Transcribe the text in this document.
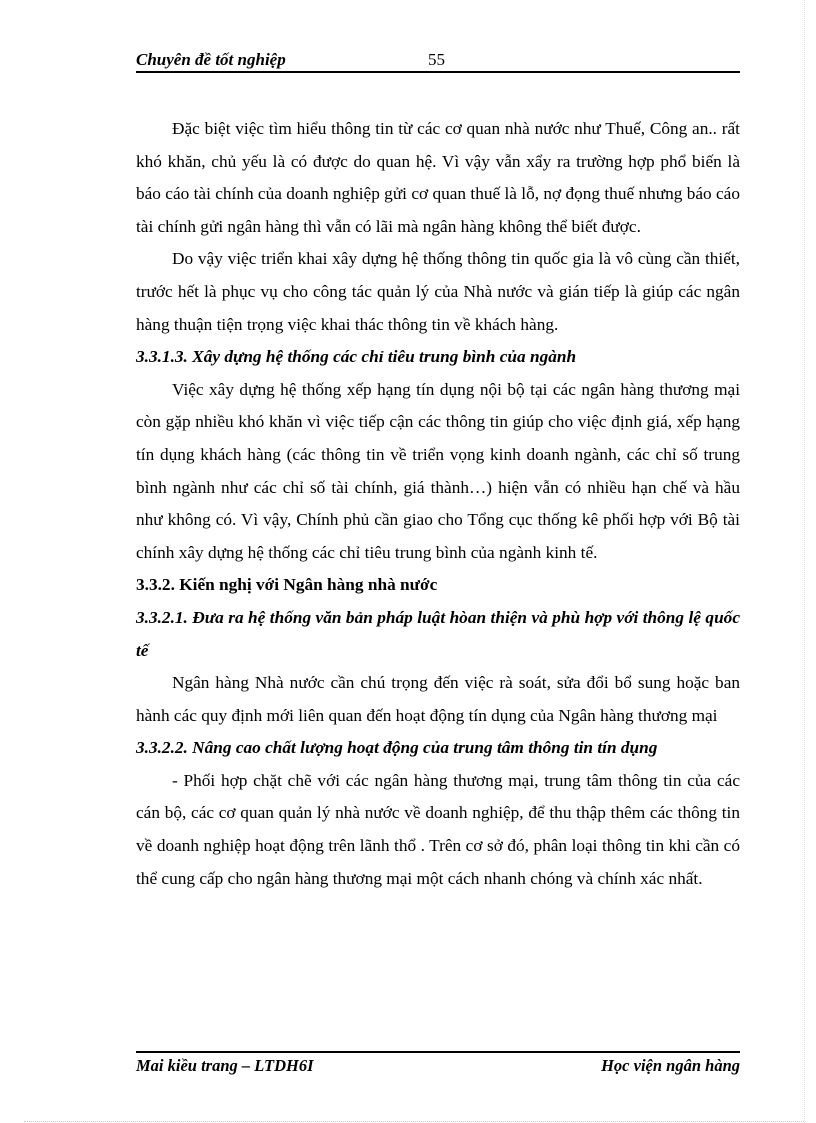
Chuyên đề tốt nghiệp	55

Đặc biệt việc tìm hiểu thông tin từ các cơ quan nhà nước như Thuế, Công an.. rất khó khăn, chủ yếu là có được do quan hệ. Vì vậy vẫn xẩy ra trường hợp phổ biến là báo cáo tài chính của doanh nghiệp gửi cơ quan thuế là lỗ, nợ đọng thuế nhưng báo cáo tài chính gửi ngân hàng thì vẫn có lãi mà ngân hàng không thể biết được.

Do vậy việc triển khai xây dựng hệ thống thông tin quốc gia là vô cùng cần thiết, trước hết là phục vụ cho công tác quản lý của Nhà nước và gián tiếp là giúp các ngân hàng thuận tiện trọng việc khai thác thông tin về khách hàng.

3.3.1.3. Xây dựng hệ thống các chỉ tiêu trung bình của ngành

Việc xây dựng hệ thống xếp hạng tín dụng nội bộ tại các ngân hàng thương mại còn gặp nhiều khó khăn vì việc tiếp cận các thông tin giúp cho việc định giá, xếp hạng tín dụng khách hàng (các thông tin về triển vọng kinh doanh ngành, các chỉ số trung bình ngành như các chỉ số tài chính, giá thành…) hiện vẫn có nhiều hạn chế và hầu như không có. Vì vậy, Chính phủ cần giao cho Tổng cục thống kê phối hợp với Bộ tài chính xây dựng hệ thống các chỉ tiêu trung bình của ngành kinh tế.

3.3.2. Kiến nghị với Ngân hàng nhà nước

3.3.2.1. Đưa ra hệ thống văn bản pháp luật hòan thiện và phù hợp với thông lệ quốc tế

Ngân hàng Nhà nước cần chú trọng đến việc rà soát, sửa đổi bổ sung hoặc ban hành các quy định mới liên quan đến hoạt động tín dụng của Ngân hàng thương mại

3.3.2.2. Nâng cao chất lượng hoạt động của trung tâm thông tin tín dụng

- Phối hợp chặt chẽ với các ngân hàng thương mại, trung tâm thông tin của các cán bộ, các cơ quan quản lý nhà nước về doanh nghiệp, để thu thập thêm các thông tin về doanh nghiệp hoạt động trên lãnh thổ . Trên cơ sở đó, phân loại thông tin khi cần có thể cung cấp cho ngân hàng thương mại một cách nhanh chóng và chính xác nhất.

Mai kiều trang – LTDH6I	Học viện ngân hàng
